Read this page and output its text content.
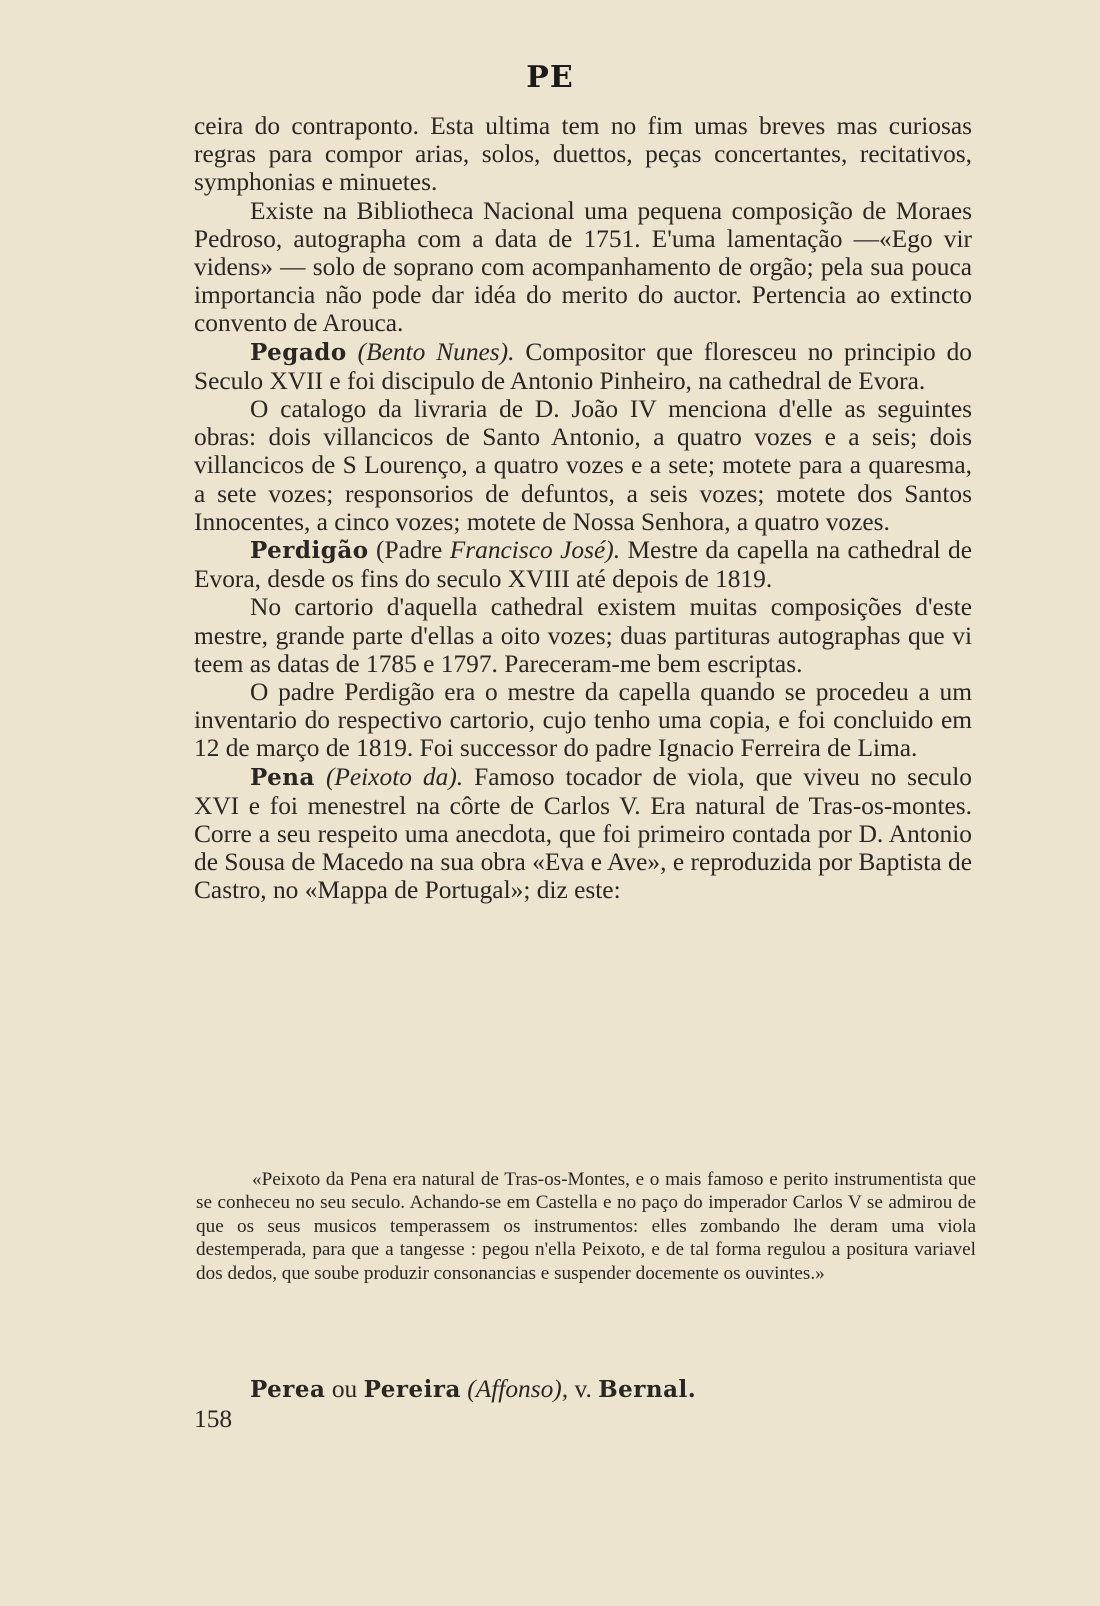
PE

ceira do contraponto. Esta ultima tem no fim umas breves mas curiosas regras para compor arias, solos, duettos, peças concertantes, recitativos, symphonias e minuetes.

Existe na Bibliotheca Nacional uma pequena composição de Moraes Pedroso, autographa com a data de 1751. E'uma lamentação —«Ego vir videns» — solo de soprano com acompanhamento de orgão; pela sua pouca importancia não pode dar idéa do merito do auctor. Pertencia ao extincto convento de Arouca.

Pegado (Bento Nunes). Compositor que floresceu no principio do Seculo XVII e foi discipulo de Antonio Pinheiro, na cathedral de Evora.

O catalogo da livraria de D. João IV menciona d'elle as seguintes obras: dois villancicos de Santo Antonio, a quatro vozes e a seis; dois villancicos de S Lourenço, a quatro vozes e a sete; motete para a quaresma, a sete vozes; responsorios de defuntos, a seis vozes; motete dos Santos Innocentes, a cinco vozes; motete de Nossa Senhora, a quatro vozes.

Perdigão (Padre Francisco José). Mestre da capella na cathedral de Evora, desde os fins do seculo XVIII até depois de 1819.

No cartorio d'aquella cathedral existem muitas composições d'este mestre, grande parte d'ellas a oito vozes; duas partituras autographas que vi teem as datas de 1785 e 1797. Pareceram-me bem escriptas.

O padre Perdigão era o mestre da capella quando se procedeu a um inventario do respectivo cartorio, cujo tenho uma copia, e foi concluido em 12 de março de 1819. Foi successor do padre Ignacio Ferreira de Lima.

Pena (Peixoto da). Famoso tocador de viola, que viveu no seculo XVI e foi menestrel na côrte de Carlos V. Era natural de Tras-os-montes. Corre a seu respeito uma anecdota, que foi primeiro contada por D. Antonio de Sousa de Macedo na sua obra «Eva e Ave», e reproduzida por Baptista de Castro, no «Mappa de Portugal»; diz este:

«Peixoto da Pena era natural de Tras-os-Montes, e o mais famoso e perito instrumentista que se conheceu no seu seculo. Achando-se em Castella e no paço do imperador Carlos V se admirou de que os seus musicos temperassem os instrumentos: elles zombando lhe deram uma viola destemperada, para que a tangesse : pegou n'ella Peixoto, e de tal forma regulou a positura variavel dos dedos, que soube produzir consonancias e suspender docemente os ouvintes.»

Perea ou Pereira (Affonso), v. Bernal.
158
